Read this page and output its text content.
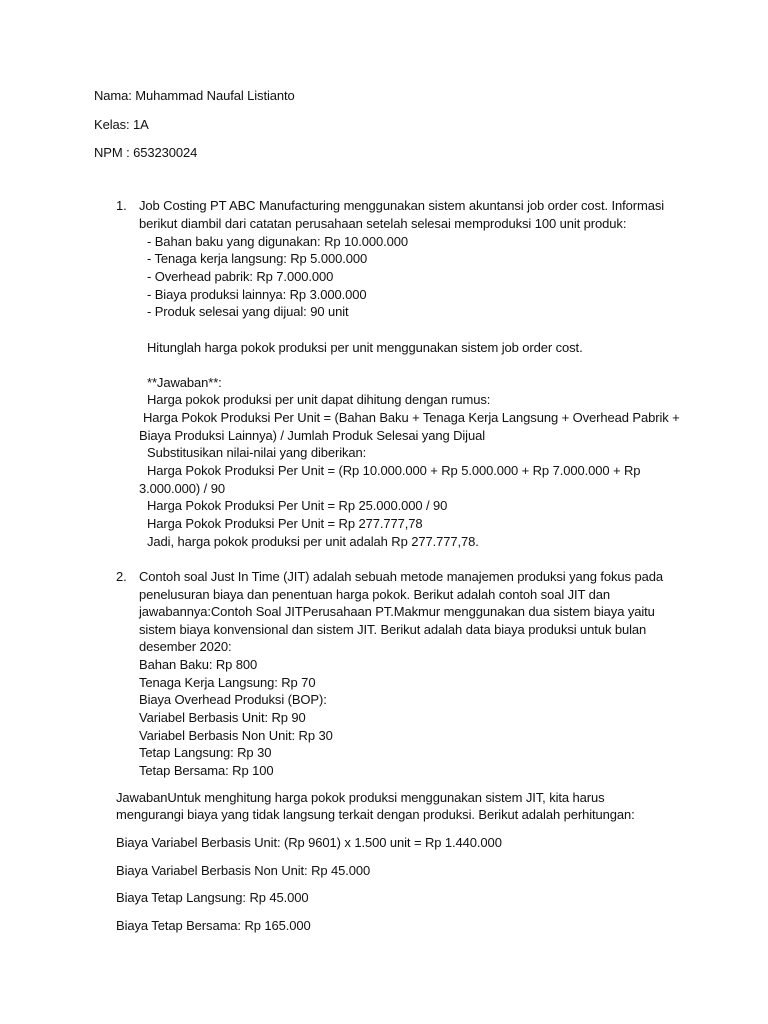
Nama: Muhammad Naufal Listianto
Kelas: 1A
NPM : 653230024
1. Job Costing PT ABC Manufacturing menggunakan sistem akuntansi job order cost. Informasi
berikut diambil dari catatan perusahaan setelah selesai memproduksi 100 unit produk:
- Bahan baku yang digunakan: Rp 10.000.000
- Tenaga kerja langsung: Rp 5.000.000
- Overhead pabrik: Rp 7.000.000
- Biaya produksi lainnya: Rp 3.000.000
- Produk selesai yang dijual: 90 unit
Hitunglah harga pokok produksi per unit menggunakan sistem job order cost.
**Jawaban**:
Harga pokok produksi per unit dapat dihitung dengan rumus:
Harga Pokok Produksi Per Unit = (Bahan Baku + Tenaga Kerja Langsung + Overhead Pabrik +
Biaya Produksi Lainnya) / Jumlah Produk Selesai yang Dijual
Substitusikan nilai-nilai yang diberikan:
Harga Pokok Produksi Per Unit = (Rp 10.000.000 + Rp 5.000.000 + Rp 7.000.000 + Rp
3.000.000) / 90
Harga Pokok Produksi Per Unit = Rp 25.000.000 / 90
Harga Pokok Produksi Per Unit = Rp 277.777,78
Jadi, harga pokok produksi per unit adalah Rp 277.777,78.
2. Contoh soal Just In Time (JIT) adalah sebuah metode manajemen produksi yang fokus pada
penelusuran biaya dan penentuan harga pokok. Berikut adalah contoh soal JIT dan
jawabannya:Contoh Soal JITPerusahaan PT.Makmur menggunakan dua sistem biaya yaitu
sistem biaya konvensional dan sistem JIT. Berikut adalah data biaya produksi untuk bulan
desember 2020:
Bahan Baku: Rp 800
Tenaga Kerja Langsung: Rp 70
Biaya Overhead Produksi (BOP):
Variabel Berbasis Unit: Rp 90
Variabel Berbasis Non Unit: Rp 30
Tetap Langsung: Rp 30
Tetap Bersama: Rp 100
JawabanUntuk menghitung harga pokok produksi menggunakan sistem JIT, kita harus
mengurangi biaya yang tidak langsung terkait dengan produksi. Berikut adalah perhitungan:
Biaya Variabel Berbasis Unit: (Rp 9601) x 1.500 unit = Rp 1.440.000
Biaya Variabel Berbasis Non Unit: Rp 45.000
Biaya Tetap Langsung: Rp 45.000
Biaya Tetap Bersama: Rp 165.000
